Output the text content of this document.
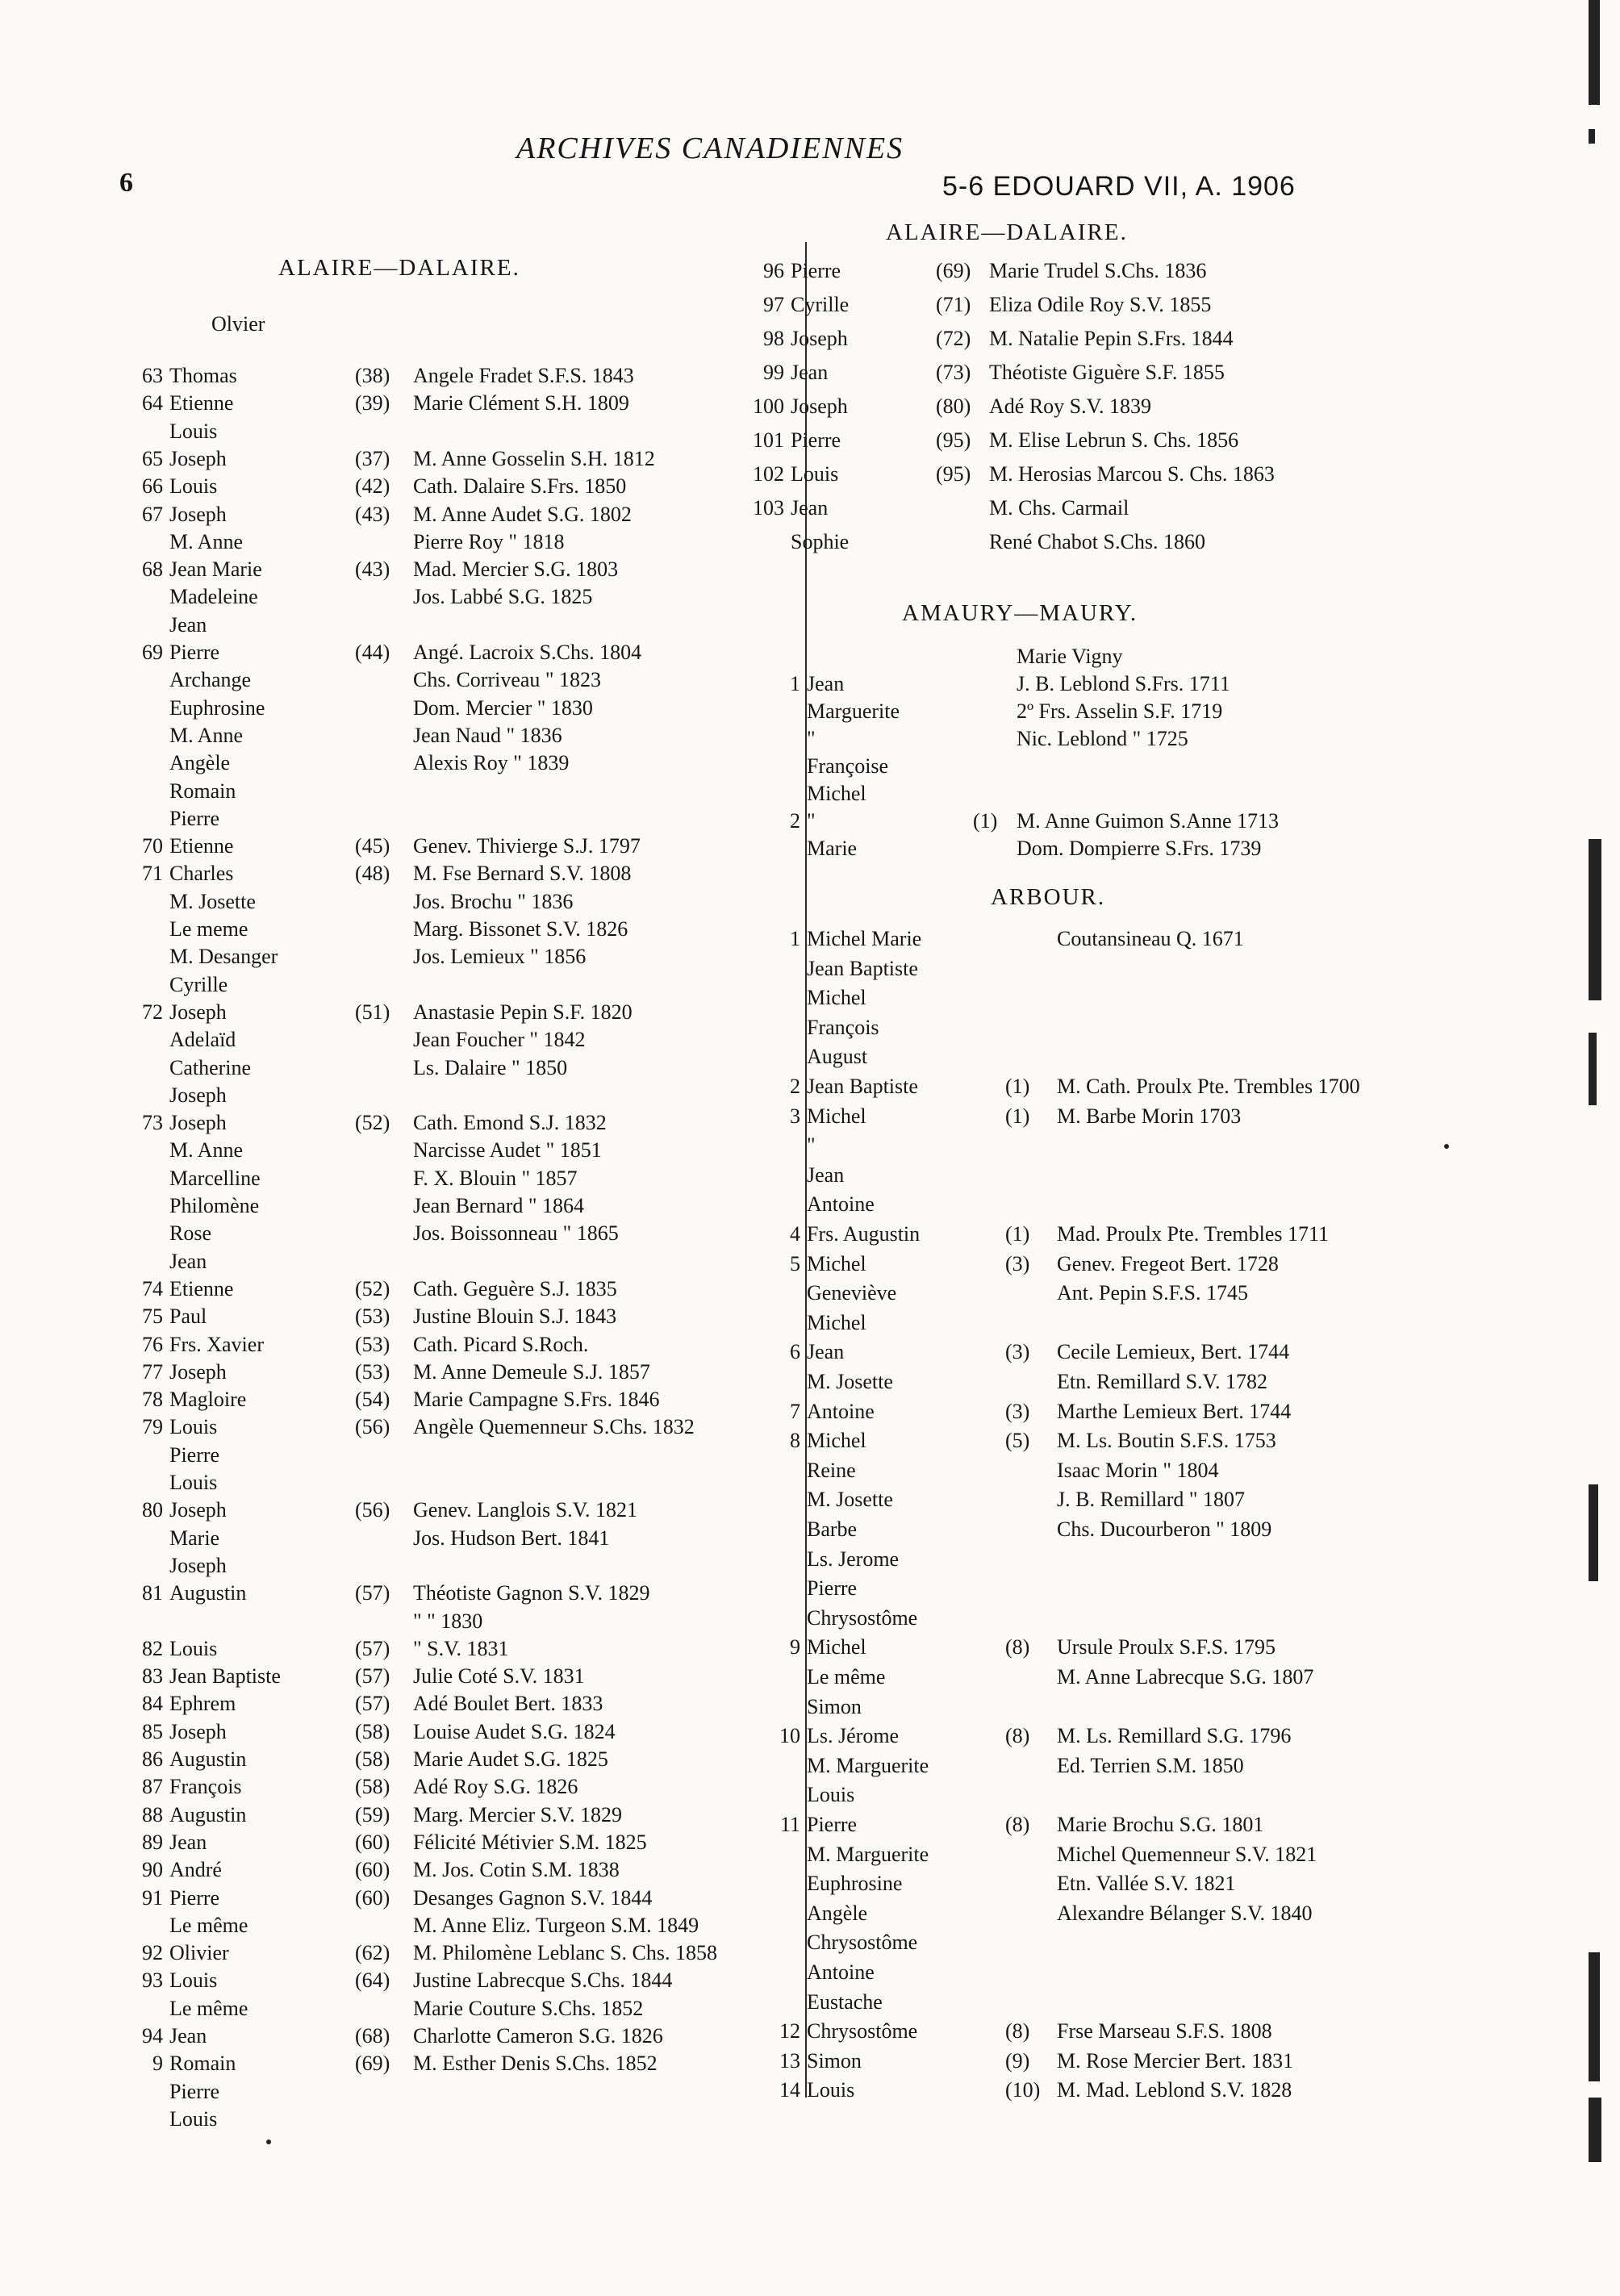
6
ARCHIVES CANADIENNES
5-6 EDOUARD VII, A. 1906
ALAIRE—DALAIRE.
Olvier
63 Thomas	(38) Angele Fradet S.F.S. 1843
64 Etienne	(39) Marie Clément S.H. 1809
Louis
65 Joseph	(37) M. Anne Gosselin S.H. 1812
66 Louis	(42) Cath. Dalaire S.Frs. 1850
67 Joseph	(43) M. Anne Audet S.G. 1802
M. Anne	Pierre Roy " 1818
68 Jean Marie	(43) Mad. Mercier S.G. 1803
Madeleine	Jos. Labbé S.G. 1825
Jean
69 Pierre	(44) Angé. Lacroix S.Chs. 1804
Archange	Chs. Corriveau " 1823
Euphrosine	Dom. Mercier " 1830
M. Anne	Jean Naud " 1836
Angèle	Alexis Roy " 1839
Romain
Pierre
70 Etienne	(45) Genev. Thivierge S.J. 1797
71 Charles	(48) M. Fse Bernard S.V. 1808
M. Josette	Jos. Brochu " 1836
Le meme	Marg. Bissonet S.V. 1826
M. Desanger	Jos. Lemieux " 1856
Cyrille
72 Joseph	(51) Anastasie Pepin S.F. 1820
Adelaïd	Jean Foucher " 1842
Catherine	Ls. Dalaire " 1850
Joseph
73 Joseph	(52) Cath. Emond S.J. 1832
M. Anne	Narcisse Audet " 1851
Marcelline	F. X. Blouin " 1857
Philomène	Jean Bernard " 1864
Rose	Jos. Boissonneau " 1865
Jean
74 Etienne	(52) Cath. Geguère S.J. 1835
75 Paul	(53) Justine Blouin S.J. 1843
76 Frs. Xavier	(53) Cath. Picard S.Roch.
77 Joseph	(53) M. Anne Demeule S.J. 1857
78 Magloire	(54) Marie Campagne S.Frs. 1846
79 Louis	(56) Angèle Quemenneur S.Chs. 1832
Pierre
Louis
80 Joseph	(56) Genev. Langlois S.V. 1821
Marie	Jos. Hudson Bert. 1841
Joseph
81 Augustin	(57) Théotiste Gagnon S.V. 1829
" " 1830
82 Louis	(57) " S.V. 1831
83 Jean Baptiste	(57) Julie Coté S.V. 1831
84 Ephrem	(57) Adé Boulet Bert. 1833
85 Joseph	(58) Louise Audet S.G. 1824
86 Augustin	(58) Marie Audet S.G. 1825
87 François	(58) Adé Roy S.G. 1826
88 Augustin	(59) Marg. Mercier S.V. 1829
89 Jean	(60) Félicité Métivier S.M. 1825
90 André	(60) M. Jos. Cotin S.M. 1838
91 Pierre	(60) Desanges Gagnon S.V. 1844
Le même	M. Anne Eliz. Turgeon S.M. 1849
92 Olivier	(62) M. Philomène Leblanc S. Chs. 1858
93 Louis	(64) Justine Labrecque S.Chs. 1844
Le même	Marie Couture S.Chs. 1852
94 Jean	(68) Charlotte Cameron S.G. 1826
9 Romain	(69) M. Esther Denis S.Chs. 1852
Pierre
Louis
ALAIRE—DALAIRE.
96 Pierre	(69) Marie Trudel S.Chs. 1836
97 Cyrille	(71) Eliza Odile Roy S.V. 1855
98 Joseph	(72) M. Natalie Pepin S.Frs. 1844
99 Jean	(73) Théotiste Giguère S.F. 1855
100 Joseph	(80) Adé Roy S.V. 1839
101 Pierre	(95) M. Elise Lebrun S. Chs. 1856
102 Louis	(95) M. Herosias Marcou S. Chs. 1863
103 Jean	M. Chs. Carmail
Sophie	René Chabot S.Chs. 1860
AMAURY—MAURY.
Marie Vigny
1 Jean	J. B. Leblond S.Frs. 1711
Marguerite	2º Frs. Asselin S.F. 1719
"	Nic. Leblond " 1725
Françoise
Michel
2 "	(1) M. Anne Guimon S.Anne 1713
Marie	Dom. Dompierre S.Frs. 1739
ARBOUR.
1 Michel Marie	Coutansineau Q. 1671
Jean Baptiste
Michel
François
August
2 Jean Baptiste	(1) M. Cath. Proulx Pte. Trembles 1700
3 Michel	(1) M. Barbe Morin 1703
"
Jean
Antoine
4 Frs. Augustin	(1) Mad. Proulx Pte. Trembles 1711
5 Michel	(3) Genev. Fregeot Bert. 1728
Geneviève	Ant. Pepin S.F.S. 1745
Michel
6 Jean	(3) Cecile Lemieux, Bert. 1744
M. Josette	Etn. Remillard S.V. 1782
7 Antoine	(3) Marthe Lemieux Bert. 1744
8 Michel	(5) M. Ls. Boutin S.F.S. 1753
Reine	Isaac Morin " 1804
M. Josette	J. B. Remillard " 1807
Barbe	Chs. Ducourberon " 1809
Ls. Jerome
Pierre
Chrysostôme
9 Michel	(8) Ursule Proulx S.F.S. 1795
Le même	M. Anne Labrecque S.G. 1807
Simon
10 Ls. Jérome	(8) M. Ls. Remillard S.G. 1796
M. Marguerite	Ed. Terrien S.M. 1850
Louis
11 Pierre	(8) Marie Brochu S.G. 1801
M. Marguerite	Michel Quemenneur S.V. 1821
Euphrosine	Etn. Vallée S.V. 1821
Angèle	Alexandre Bélanger S.V. 1840
Chrysostôme
Antoine
Eustache
12 Chrysostôme	(8) Frse Marseau S.F.S. 1808
13 Simon	(9) M. Rose Mercier Bert. 1831
14 Louis	(10) M. Mad. Leblond S.V. 1828
